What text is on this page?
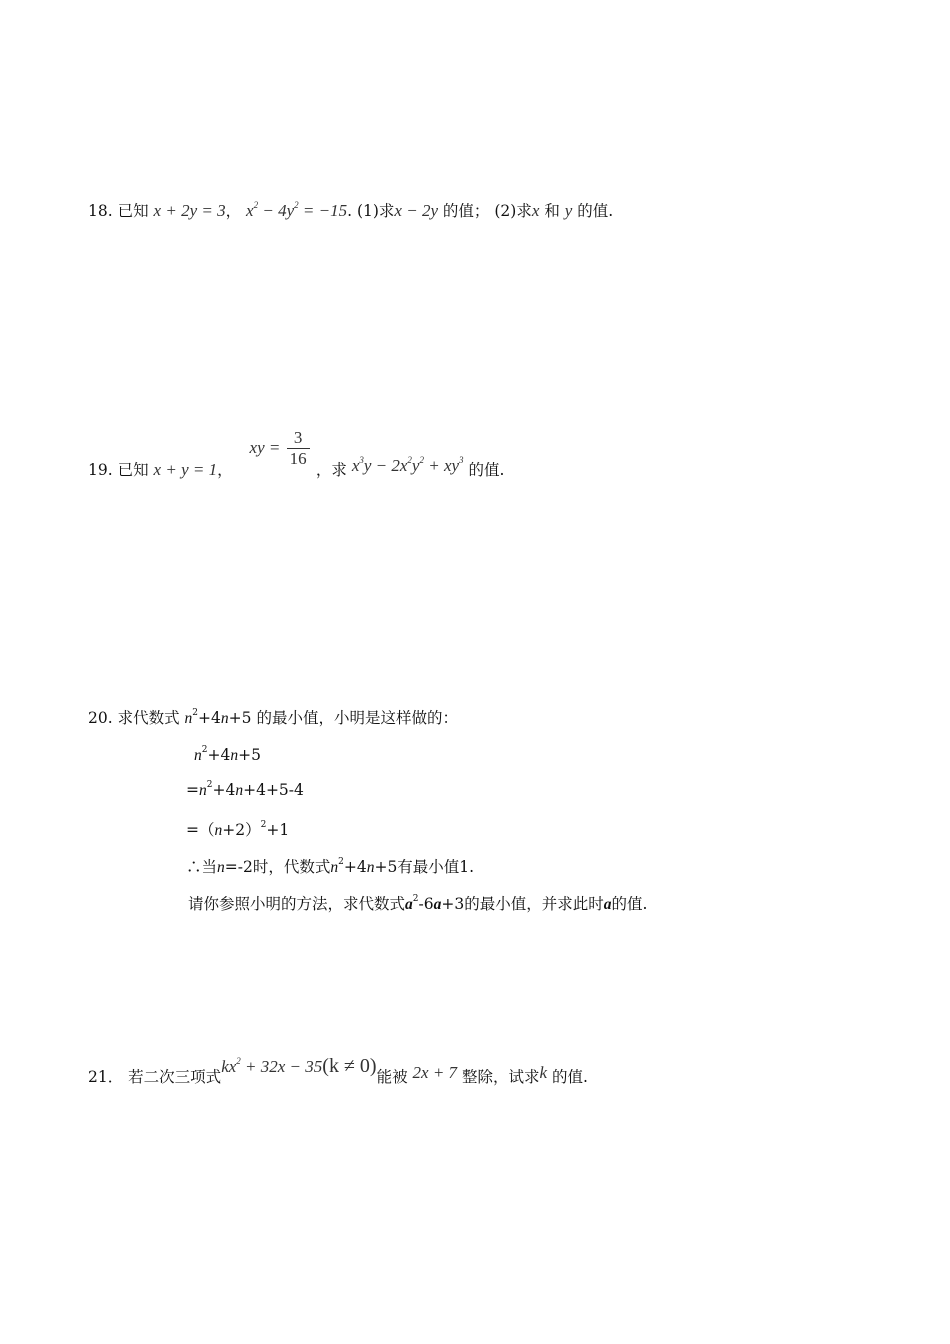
18. 已知 x + 2y = 3， $x^2 - 4y^2 = -15$. (1)求x − 2y 的值； (2)求x 和 y 的值.
19. 已知 x + y = 1， xy = $\frac{3}{16}$
，求 $x^3y - 2x^2y^2 + xy^3$ 的值.
20. 求代数式 $n^2+4n+5$ 的最小值，小明是这样做的：
$n^2+4n+5$
$=n^2+4n+4+5-4$
$=(n+2)^2+1$
∴当n=-2时，代数式$n^2+4n+5$有最小值1.
请你参照小明的方法，求代数式$a^2-6a+3$的最小值，并求此时a的值.
21． 若二次三项式$kx^2 + 32x - 35(k \ne 0)$能被 2x + 7 整除，试求k 的值.
